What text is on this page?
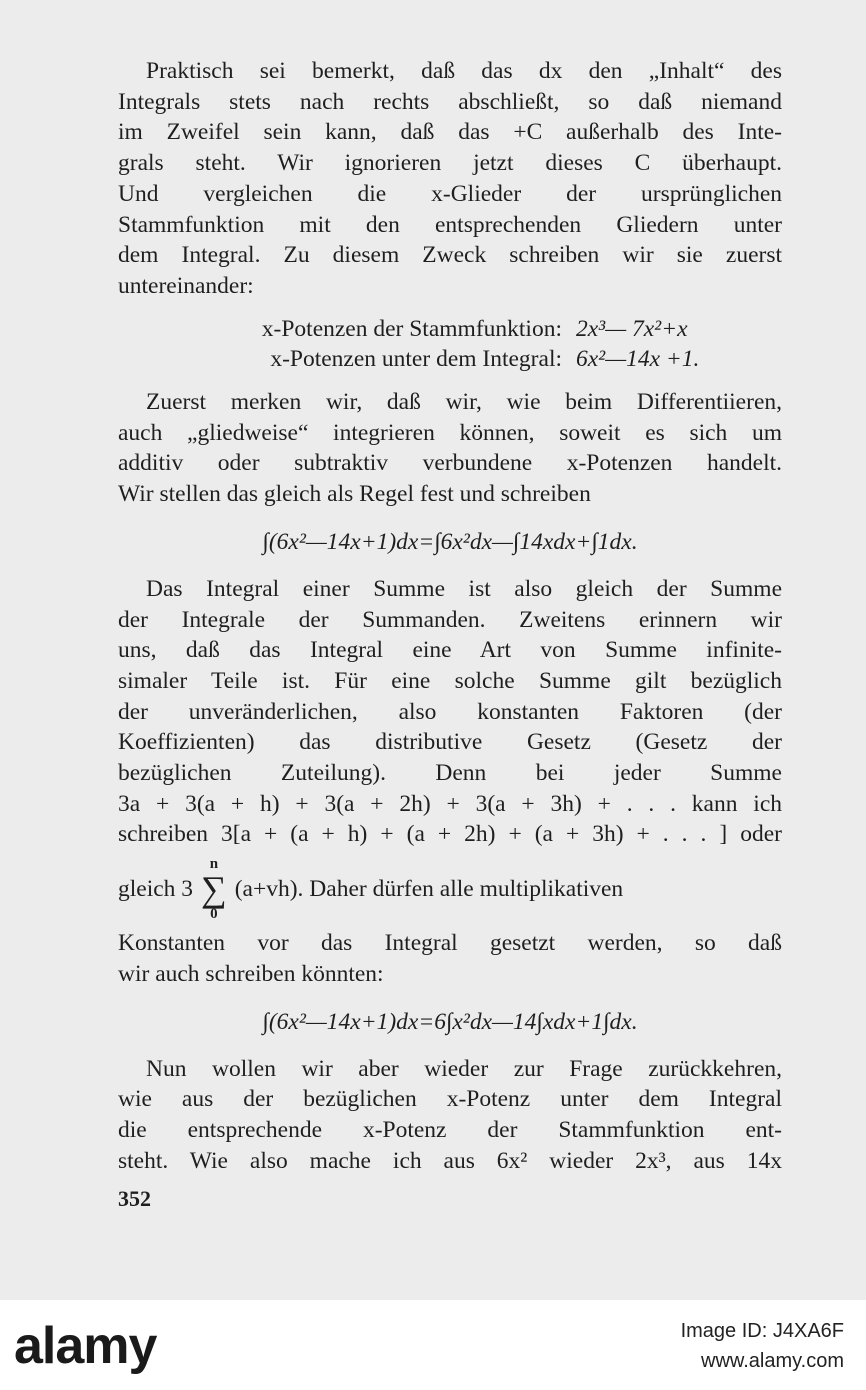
Praktisch sei bemerkt, daß das dx den „Inhalt“ des

Integrals stets nach rechts abschließt, so daß niemand

im Zweifel sein kann, daß das +C außerhalb des Inte-

grals steht. Wir ignorieren jetzt dieses C überhaupt.

Und vergleichen die x-Glieder der ursprünglichen

Stammfunktion mit den entsprechenden Gliedern unter

dem Integral. Zu diesem Zweck schreiben wir sie zuerst

untereinander:

x-Potenzen der Stammfunktion: 2x³— 7x²+x
x-Potenzen unter dem Integral: 6x²—14x +1.

Zuerst merken wir, daß wir, wie beim Differentiieren,

auch „gliedweise“ integrieren können, soweit es sich um

additiv oder subtraktiv verbundene x-Potenzen handelt.

Wir stellen das gleich als Regel fest und schreiben

∫(6x²—14x+1)dx=∫6x²dx—∫14xdx+∫1dx.

Das Integral einer Summe ist also gleich der Summe

der Integrale der Summanden. Zweitens erinnern wir

uns, daß das Integral eine Art von Summe infinite-

simaler Teile ist. Für eine solche Summe gilt bezüglich

der unveränderlichen, also konstanten Faktoren (der

Koeffizienten) das distributive Gesetz (Gesetz der

bezüglichen Zuteilung). Denn bei jeder Summe

3a + 3(a + h) + 3(a + 2h) + 3(a + 3h) + . . . kann ich

schreiben 3[a + (a + h) + (a + 2h) + (a + 3h) + . . . ] oder

gleich 3
n
∑
0
(a+vh). Daher dürfen alle multiplikativen

Konstanten vor das Integral gesetzt werden, so daß

wir auch schreiben könnten:

∫(6x²—14x+1)dx=6∫x²dx—14∫xdx+1∫dx.

Nun wollen wir aber wieder zur Frage zurückkehren,

wie aus der bezüglichen x-Potenz unter dem Integral

die entsprechende x-Potenz der Stammfunktion ent-

steht. Wie also mache ich aus 6x² wieder 2x³, aus 14x

352
alamy	Image ID: J4XA6F
www.alamy.com
